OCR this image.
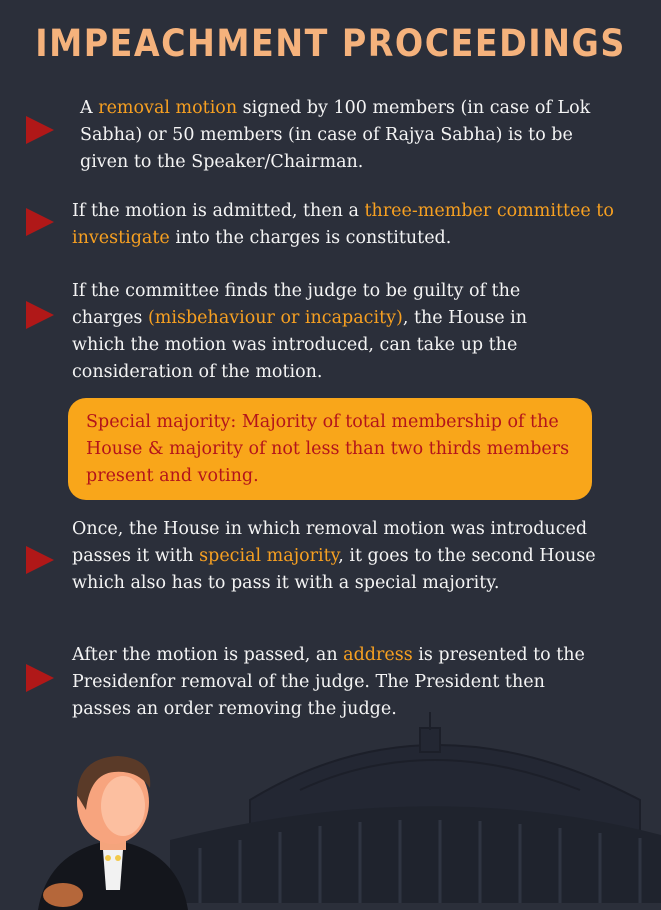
IMPEACHMENT PROCEEDINGS
A removal motion signed by 100 members (in case of Lok Sabha) or 50 members (in case of Rajya Sabha) is to be given to the Speaker/Chairman.
If the motion is admitted, then a three-member committee to investigate into the charges is constituted.
If the committee finds the judge to be guilty of the charges (misbehaviour or incapacity), the House in which the motion was introduced, can take up the consideration of the motion.
Special majority: Majority of total membership of the House & majority of not less than two thirds members present and voting.
Once, the House in which removal motion was introduced passes it with special majority, it goes to the second House which also has to pass it with a special majority.
After the motion is passed, an address is presented to the Presidenfor removal of the judge. The President then passes an order removing the judge.
